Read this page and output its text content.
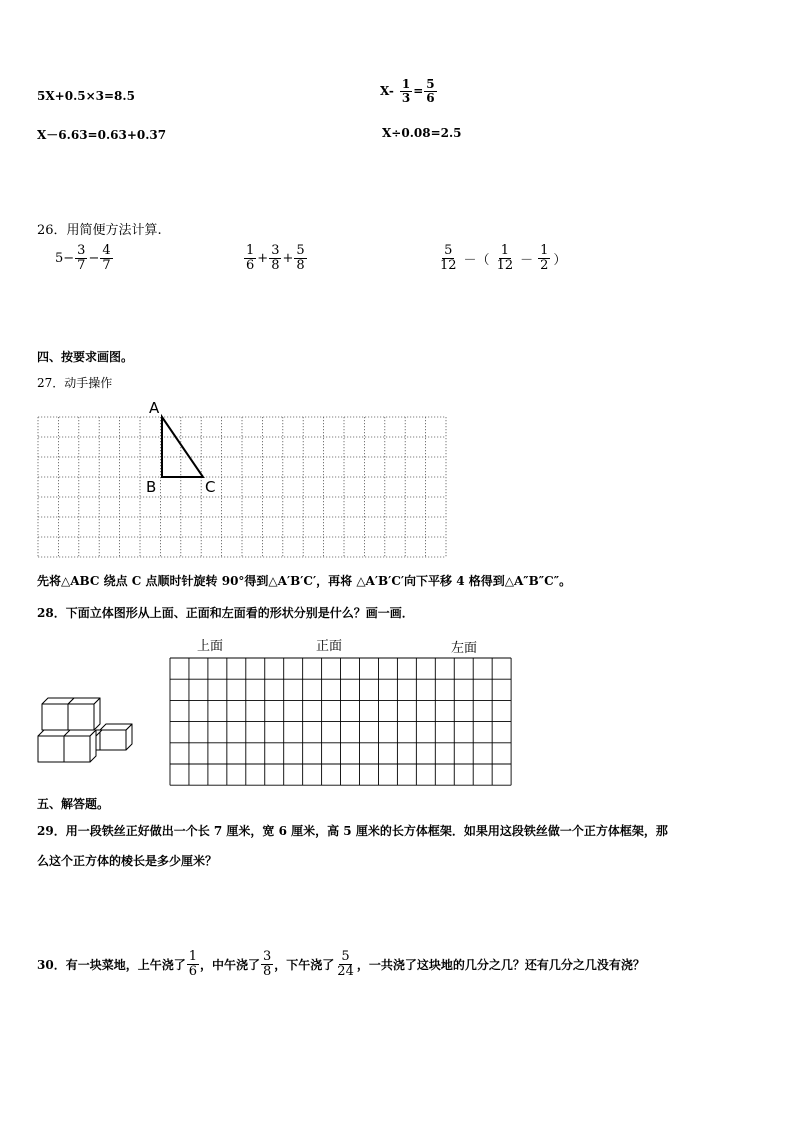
5X+0.5×3=8.5	$X- \frac{1}{3} = \frac{5}{6}$
X－6.63=0.63+0.37	X÷0.08=2.5
26．用简便方法计算.
$5- \frac{3}{7} - \frac{4}{7}$	$\frac{1}{6} + \frac{3}{8} + \frac{5}{8}$	$\frac{5}{12}$ －（ $\frac{1}{12} - \frac{1}{2}$ ）
四、按要求画图。
27．动手操作
A
B	C
先将△ABC 绕点 C 点顺时针旋转 90°得到△A′B′C′，再将 △A′B′C′向下平移 4 格得到△A″B″C″。
28．下面立体图形从上面、正面和左面看的形状分别是什么？画一画．
上面	正面	左面
五、解答题。
29．用一段铁丝正好做出一个长 7 厘米，宽 6 厘米，高 5 厘米的长方体框架．如果用这段铁丝做一个正方体框架，那
么这个正方体的棱长是多少厘米？
30．有一块菜地，上午浇了 $\frac{1}{6}$ ，中午浇了 $\frac{3}{8}$ ，下午浇了 $\frac{5}{24}$ ，一共浇了这块地的几分之几？还有几分之几没有浇？
